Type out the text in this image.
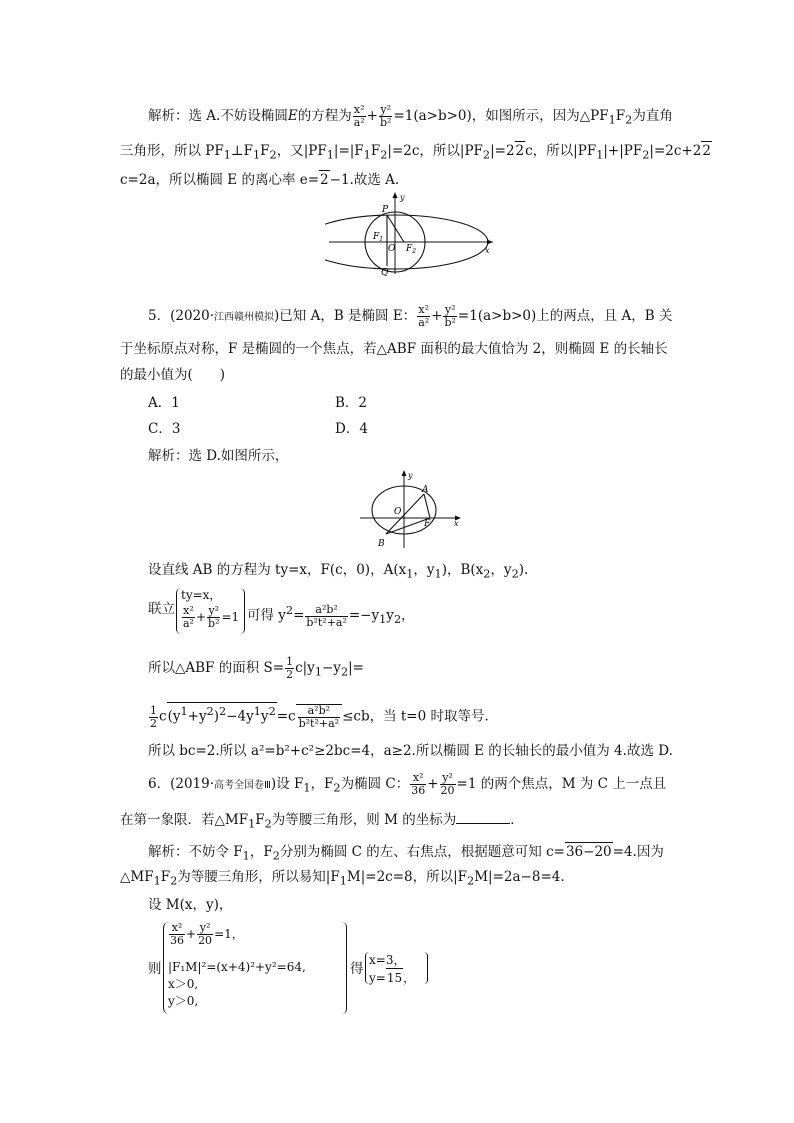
解析：选 A.不妨设椭圆E的方程为 $\frac{\text{x²}}{\text{a²}} + \frac{\text{y²}}{\text{b²}} =1(a>b>0)$，如图所示，因为$\triangle PF_1F_2$为直角
三角形，所以 $PF_1\perp F_1F_2$，又$|PF_1|=|F_1F_2|=2c$，所以$|PF_2|=22c$，所以$|PF_1|+|PF_2|=2c+22$
c=2a，所以椭圆 E 的离心率 e=2−1.故选 A.
P
Q
$F_1$
O $F_2$	x
y
5．(2020·江西赣州模拟)已知 A，B 是椭圆 E： $\frac{\text{x²}}{\text{a²}} + \frac{\text{y²}}{\text{b²}} =1(a>b>0)$上的两点，且 A，B 关
于坐标原点对称，F 是椭圆的一个焦点，若△ABF 面积的最大值恰为 2，则椭圆 E 的长轴长
的最小值为(　　)
A．1	B．2
C．3	D．4
解析：选 D.如图所示，
A
B
O
F	x
y
设直线 AB 的方程为 ty=x，F(c，0)，$A(x_1$，$y_1$)，$B(x_2$，$y_2$).
联立
ty=x，
$\frac{\text{x²}}{\text{a²}} + \frac{\text{y²}}{\text{b²}} =1$ 可得 $y^2= \frac{\text{a²b²}}{\text{b²t²+a²}} =-y_1y_2$，
所以△ABF 的面积 $S= \frac{1}{2} c|y_1-y_2|=$
$\frac{1}{2} c(y^1+y^2)^2-4y^1y^2=c \frac{\text{a²b²}}{\text{b²t²+a²}} \le cb$，当 t=0 时取等号.
所以 bc=2.所以 a²=b²+c²≥2bc=4，a≥2.所以椭圆 E 的长轴长的最小值为 4.故选 D.
6．(2019·高考全国卷Ⅲ)设 $F_1$，$F_2$为椭圆 C： $\frac{\text{x²}}{36} + \frac{\text{y²}}{20} =1$ 的两个焦点，M 为 C 上一点且
在第一象限．若$\triangle MF_1F_2$为等腰三角形，则 M 的坐标为	．
解析：不妨令 $F_1$，$F_2$分别为椭圆 C 的左、右焦点，根据题意可知 c=36−20=4.因为
$\triangle MF_1F_2$为等腰三角形，所以易知$|F_1M|=2c=8$，所以$|F_2M|=2a-8=4$.
设 M(x，y)，
则
$\frac{\text{x²}}{36} + \frac{\text{y²}}{20} =1$，
|F₁M|²=(x+4)²+y²=64,
x＞0,
y＞0,
得
x=3，
y=15，
